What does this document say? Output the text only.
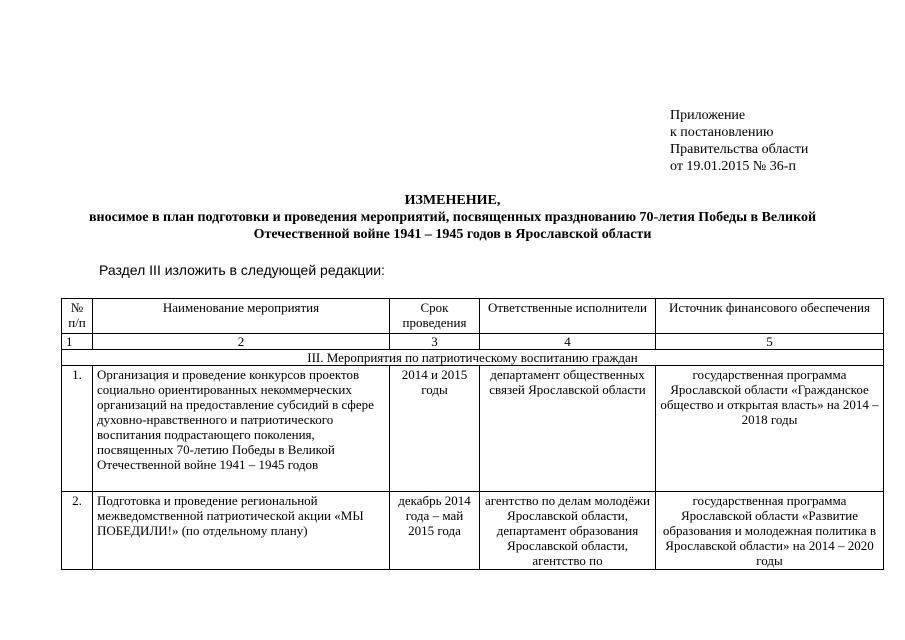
Приложение
к постановлению
Правительства области
от 19.01.2015 № 36-п
ИЗМЕНЕНИЕ,
вносимое в план подготовки и проведения мероприятий, посвященных празднованию 70-летия Победы в Великой Отечественной войне 1941 – 1945 годов в Ярославской области
Раздел III изложить в следующей редакции:
№ п/п	Наименование мероприятия	Срок проведения	Ответственные исполнители	Источник финансового обеспечения
1	2	3	4	5
III. Мероприятия по патриотическому воспитанию граждан				
1.	Организация и проведение конкурсов проектов социально ориентированных некоммерческих организаций на предоставление субсидий в сфере духовно-нравственного и патриотического воспитания подрастающего поколения, посвященных 70-летию Победы в Великой Отечественной войне 1941 – 1945 годов	2014 и 2015 годы	департамент общественных связей Ярославской области	государственная программа Ярославской области «Гражданское общество и открытая власть» на 2014 – 2018 годы
2.	Подготовка и проведение региональной межведомственной патриотической акции «МЫ ПОБЕДИЛИ!» (по отдельному плану)	декабрь 2014 года – май 2015 года	агентство по делам молодёжи Ярославской области, департамент образования Ярославской области, агентство по	государственная программа Ярославской области «Развитие образования и молодежная политика в Ярославской области» на 2014 – 2020 годы
